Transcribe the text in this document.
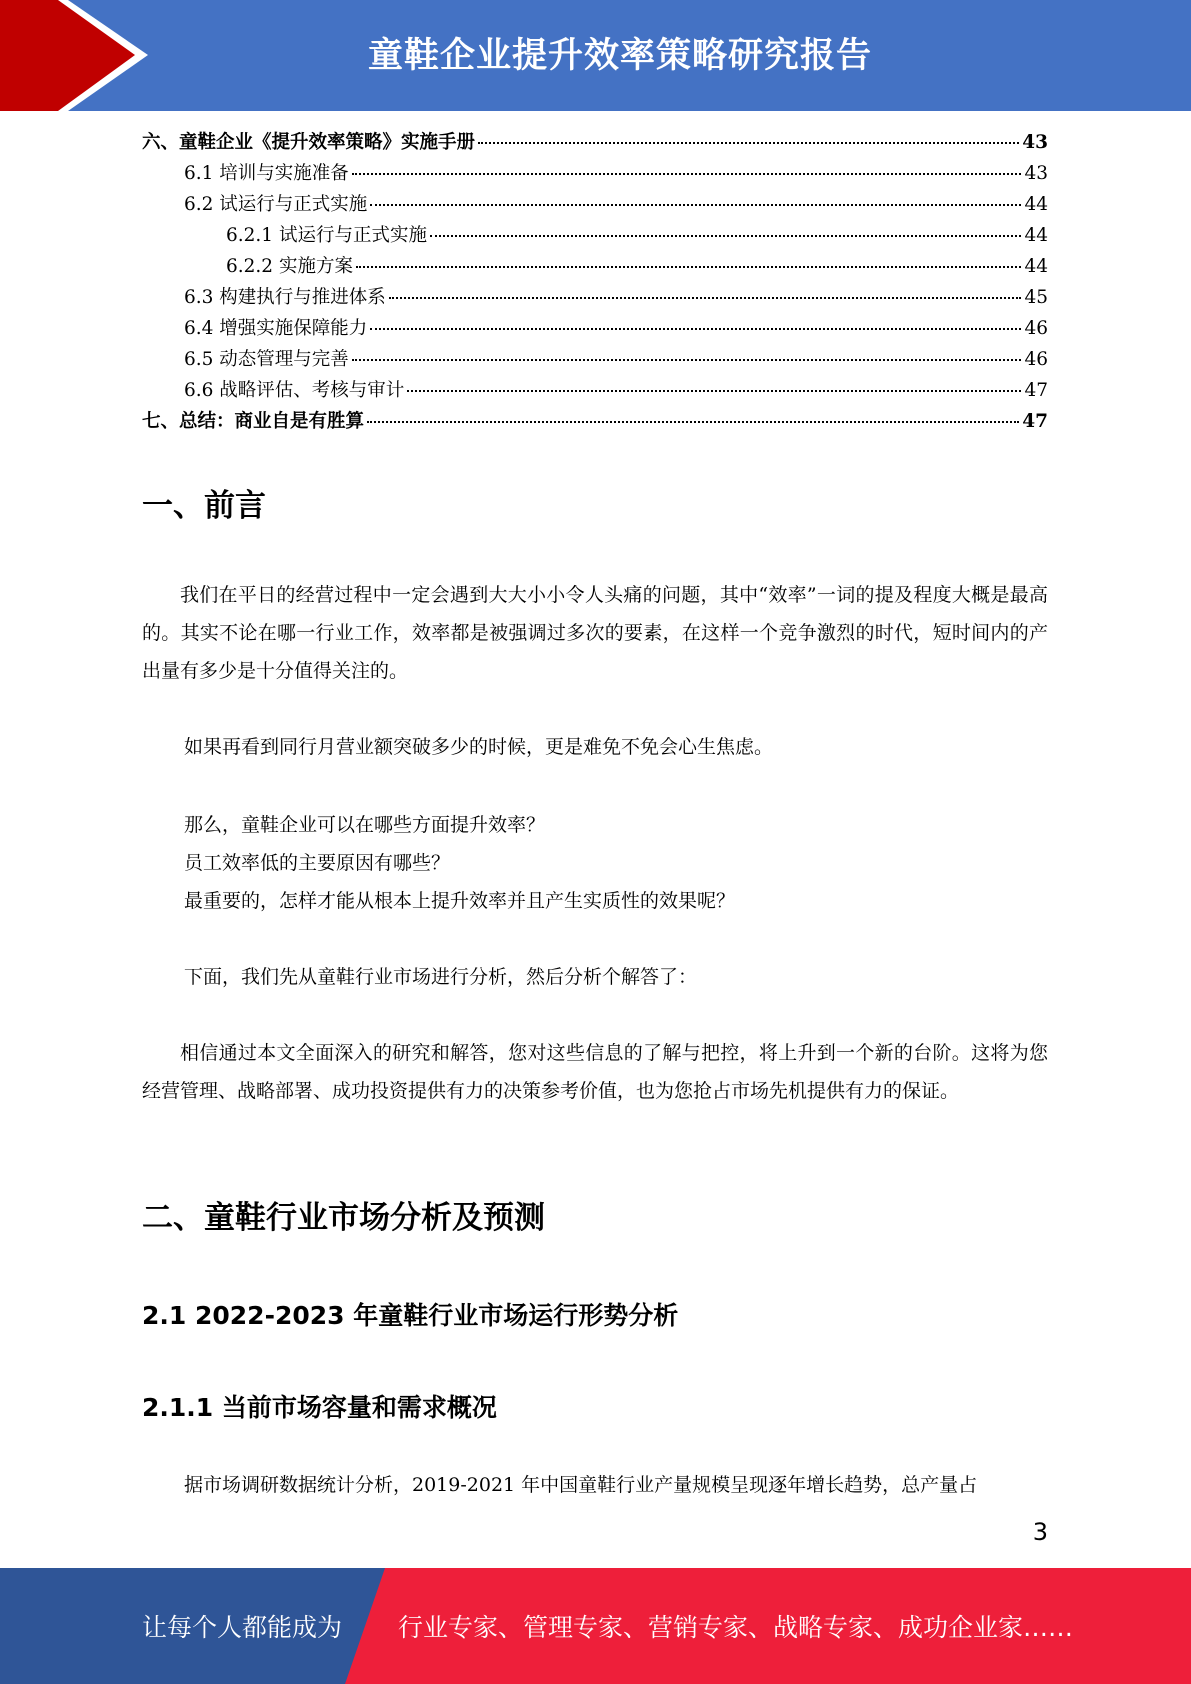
童鞋企业提升效率策略研究报告
六、童鞋企业《提升效率策略》实施手册	43
6.1 培训与实施准备	43
6.2 试运行与正式实施	44
6.2.1 试运行与正式实施	44
6.2.2 实施方案	44
6.3 构建执行与推进体系	45
6.4 增强实施保障能力	46
6.5 动态管理与完善	46
6.6 战略评估、考核与审计	47
七、总结：商业自是有胜算	47
一、前言
我们在平日的经营过程中一定会遇到大大小小令人头痛的问题，其中“效率”一词的提及程度大概是最高的。其实不论在哪一行业工作，效率都是被强调过多次的要素，在这样一个竞争激烈的时代，短时间内的产出量有多少是十分值得关注的。
如果再看到同行月营业额突破多少的时候，更是难免不免会心生焦虑。
那么，童鞋企业可以在哪些方面提升效率？
员工效率低的主要原因有哪些？
最重要的，怎样才能从根本上提升效率并且产生实质性的效果呢？
下面，我们先从童鞋行业市场进行分析，然后分析个解答了：
相信通过本文全面深入的研究和解答，您对这些信息的了解与把控，将上升到一个新的台阶。这将为您经营管理、战略部署、成功投资提供有力的决策参考价值，也为您抢占市场先机提供有力的保证。
二、童鞋行业市场分析及预测
2.1 2022-2023 年童鞋行业市场运行形势分析
2.1.1 当前市场容量和需求概况
据市场调研数据统计分析，2019-2021 年中国童鞋行业产量规模呈现逐年增长趋势，总产量占
3
让每个人都能成为 行业专家、管理专家、营销专家、战略专家、成功企业家……
